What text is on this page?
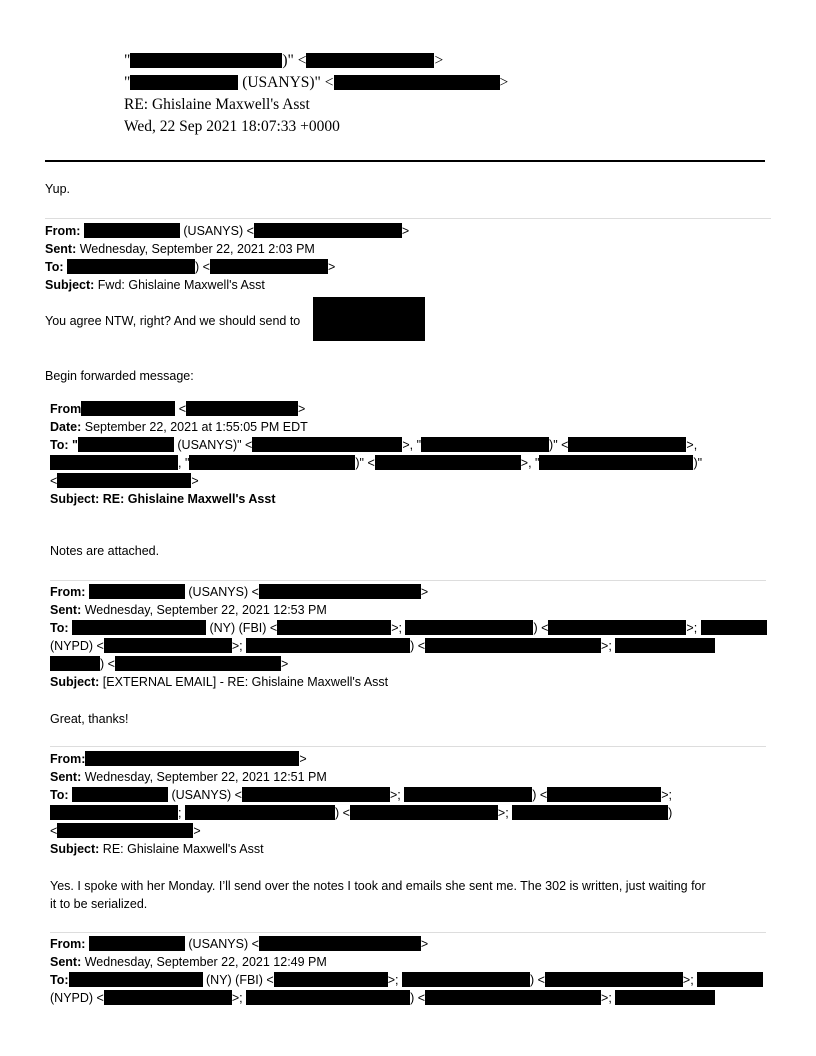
"	)" <	>
"	(USANYS)" <	>
RE: Ghislaine Maxwell's Asst
Wed, 22 Sep 2021 18:07:33 +0000
Yup.
From:	(USANYS) <	>
Sent: Wednesday, September 22, 2021 2:03 PM
To:	) <	>
Subject: Fwd: Ghislaine Maxwell's Asst
You agree NTW, right? And we should send to
Begin forwarded message:
From	<	>
Date: September 22, 2021 at 1:55:05 PM EDT
To: "	(USANYS)" <	>, "	)" <	>,
, "	)" <	>, "	)"
<	>
Subject: RE: Ghislaine Maxwell's Asst
Notes are attached.
From:	(USANYS) <	>
Sent: Wednesday, September 22, 2021 12:53 PM
To:	(NY) (FBI) <	>;	) <	>;
(NYPD) <	>;	) <	>;
) <	>
Subject: [EXTERNAL EMAIL] - RE: Ghislaine Maxwell's Asst
Great, thanks!
From:	>
Sent: Wednesday, September 22, 2021 12:51 PM
To:	(USANYS) <	>;	) <	>;
;	) <	>;	)
<	>
Subject: RE: Ghislaine Maxwell's Asst
Yes. I spoke with her Monday. I’ll send over the notes I took and emails she sent me. The 302 is written, just waiting for
it to be serialized.
From:	(USANYS) <	>
Sent: Wednesday, September 22, 2021 12:49 PM
To:	(NY) (FBI) <	>;	) <	>;
(NYPD) <	>;	) <	>;
